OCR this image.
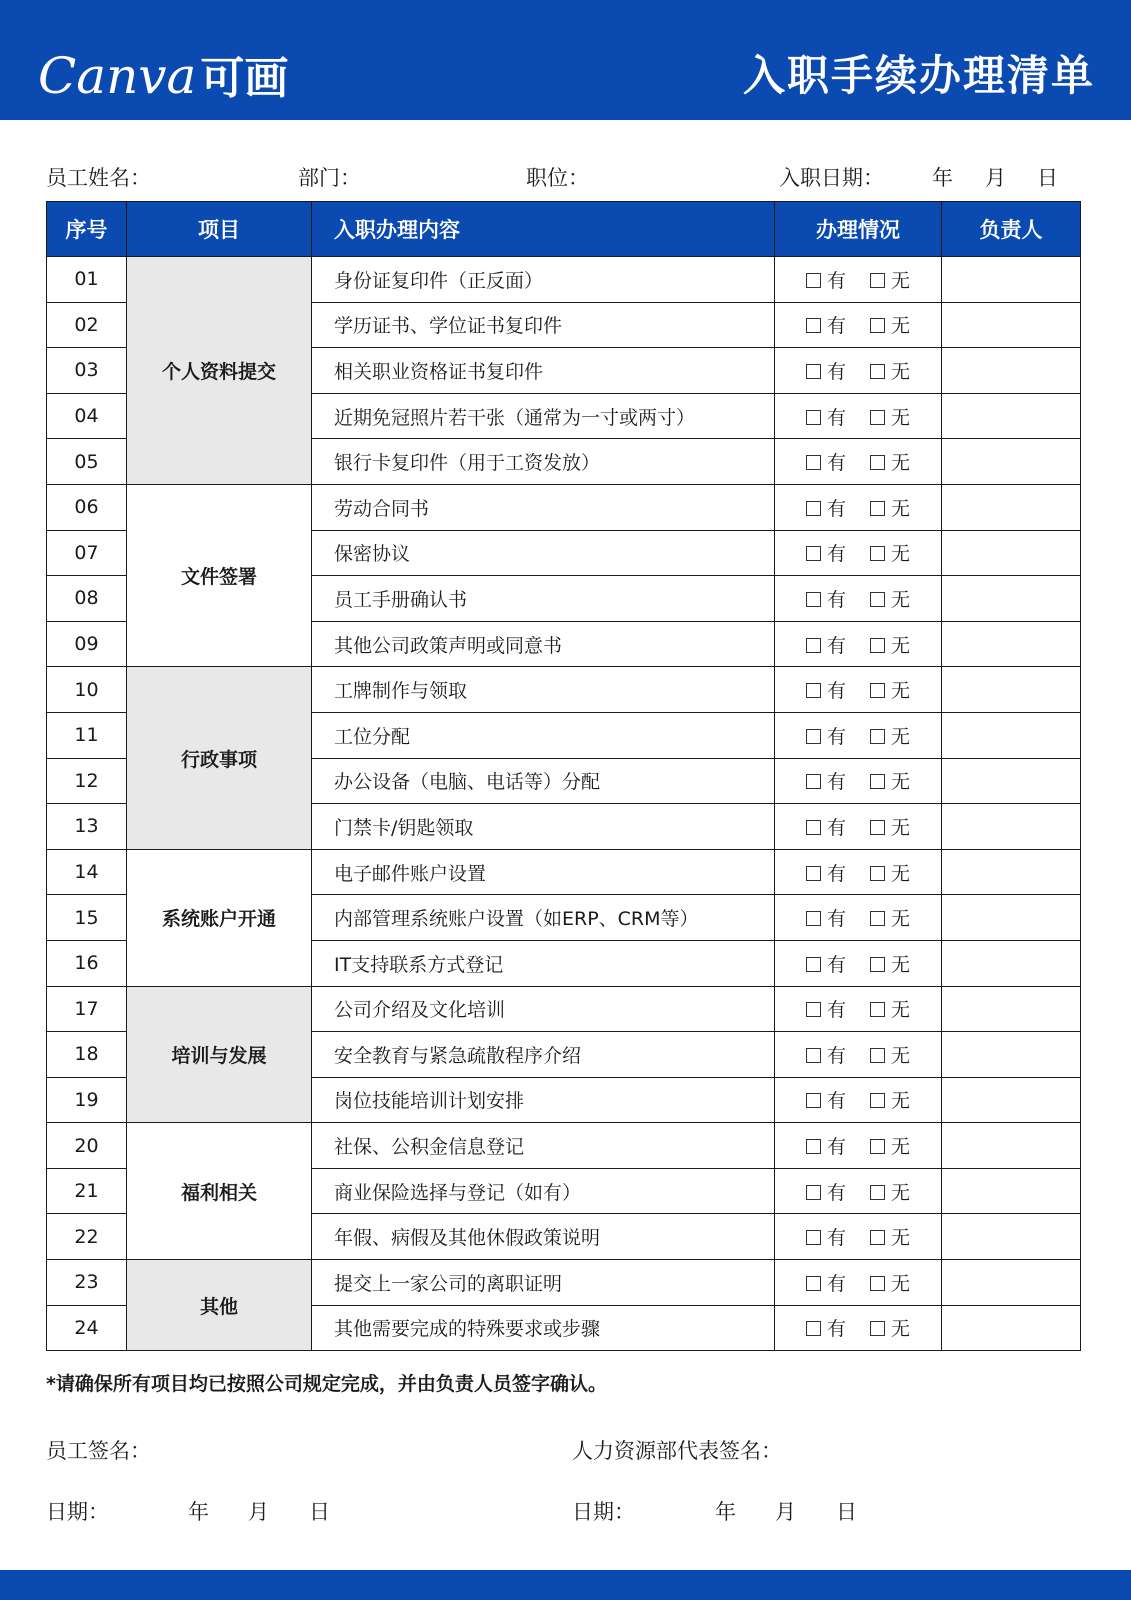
Canva可画	入职手续办理清单
员工姓名：	部门：	职位：	入职日期： 年 月 日
序号	项目	入职办理内容	办理情况	负责人
01	个人资料提交	身份证复印件（正反面）	有 无	
02		学历证书、学位证书复印件	有 无	
03		相关职业资格证书复印件	有 无	
04		近期免冠照片若干张（通常为一寸或两寸）	有 无	
05		银行卡复印件（用于工资发放）	有 无	
06	文件签署	劳动合同书	有 无	
07		保密协议	有 无	
08		员工手册确认书	有 无	
09		其他公司政策声明或同意书	有 无	
10	行政事项	工牌制作与领取	有 无	
11		工位分配	有 无	
12		办公设备（电脑、电话等）分配	有 无	
13		门禁卡/钥匙领取	有 无	
14	系统账户开通	电子邮件账户设置	有 无	
15		内部管理系统账户设置（如ERP、CRM等）	有 无	
16		IT支持联系方式登记	有 无	
17	培训与发展	公司介绍及文化培训	有 无	
18		安全教育与紧急疏散程序介绍	有 无	
19		岗位技能培训计划安排	有 无	
20	福利相关	社保、公积金信息登记	有 无	
21		商业保险选择与登记（如有）	有 无	
22		年假、病假及其他休假政策说明	有 无	
23	其他	提交上一家公司的离职证明	有 无	
24		其他需要完成的特殊要求或步骤	有 无	
*请确保所有项目均已按照公司规定完成，并由负责人员签字确认。
员工签名：	人力资源部代表签名：
日期：	年 月 日	日期：	年 月 日
